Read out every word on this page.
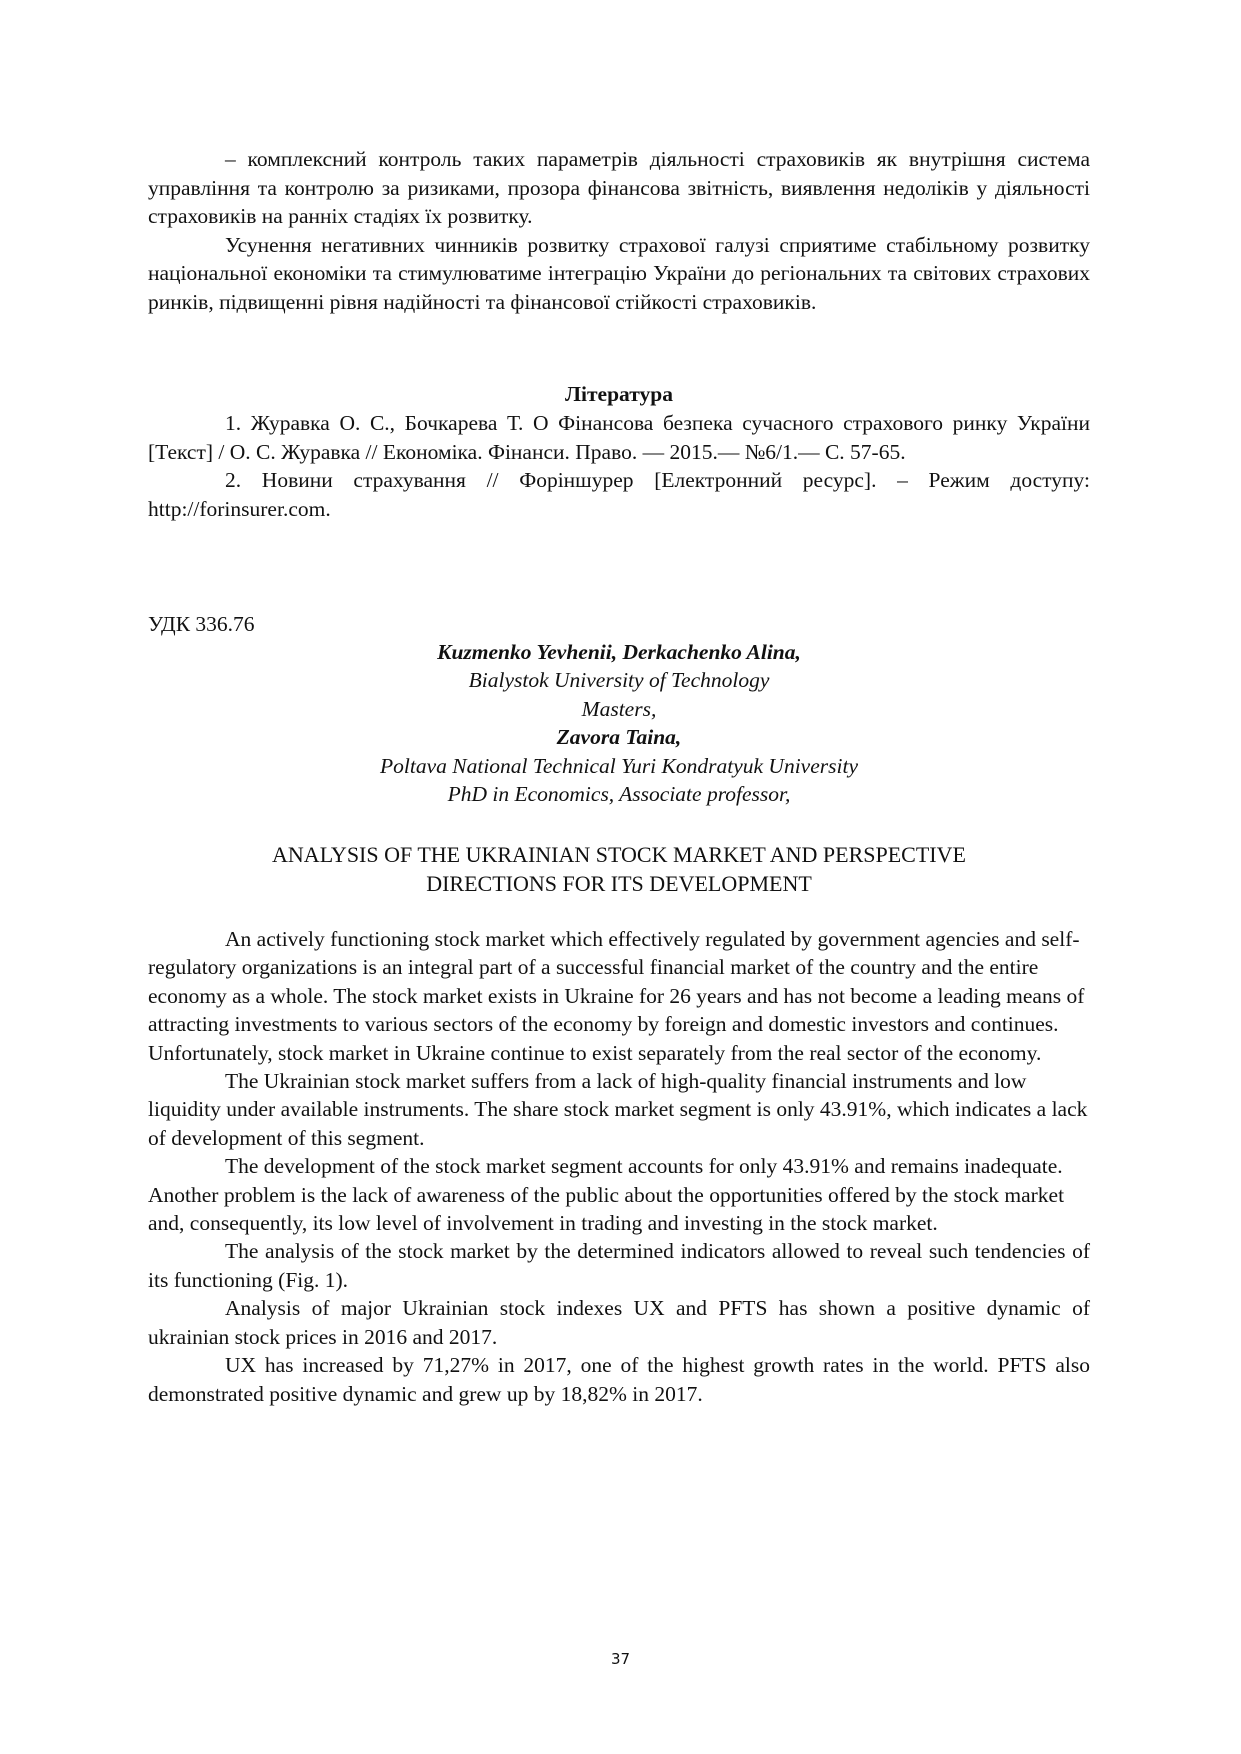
– комплексний контроль таких параметрів діяльності страховиків як внутрішня система управління та контролю за ризиками, прозора фінансова звітність, виявлення недоліків у діяльності страховиків на ранніх стадіях їх розвитку.

Усунення негативних чинників розвитку страхової галузі сприятиме стабільному розвитку національної економіки та стимулюватиме інтеграцію України до регіональних та світових страхових ринків, підвищенні рівня надійності та фінансової стійкості страховиків.

Література

1. Журавка О. С., Бочкарева Т. О Фінансова безпека сучасного страхового ринку України [Текст] / О. С. Журавка // Економіка. Фінанси. Право. — 2015.— №6/1.— С. 57-65.

2. Новини страхування // Форіншурер [Електронний ресурс]. – Режим доступу: http://forinsurer.com.

УДК 336.76
Kuzmenko Yevhenii, Derkachenko Alina,
Bialystok University of Technology
Masters,
Zavora Taina,
Poltava National Technical Yuri Kondratyuk University
PhD in Economics, Associate professor,
ANALYSIS OF THE UKRAINIAN STOCK MARKET AND PERSPECTIVE
DIRECTIONS FOR ITS DEVELOPMENT

An actively functioning stock market which effectively regulated by government agencies and self-regulatory organizations is an integral part of a successful financial market of the country and the entire economy as a whole. The stock market exists in Ukraine for 26 years and has not become a leading means of attracting investments to various sectors of the economy by foreign and domestic investors and continues. Unfortunately, stock market in Ukraine continue to exist separately from the real sector of the economy.

The Ukrainian stock market suffers from a lack of high-quality financial instruments and low liquidity under available instruments. The share stock market segment is only 43.91%, which indicates a lack of development of this segment.

The development of the stock market segment accounts for only 43.91% and remains inadequate. Another problem is the lack of awareness of the public about the opportunities offered by the stock market and, consequently, its low level of involvement in trading and investing in the stock market.

The analysis of the stock market by the determined indicators allowed to reveal such tendencies of its functioning (Fig. 1).

Analysis of major Ukrainian stock indexes UX and PFTS has shown a positive dynamic of ukrainian stock prices in 2016 and 2017.

UX has increased by 71,27% in 2017, one of the highest growth rates in the world. PFTS also demonstrated positive dynamic and grew up by 18,82% in 2017.

37
